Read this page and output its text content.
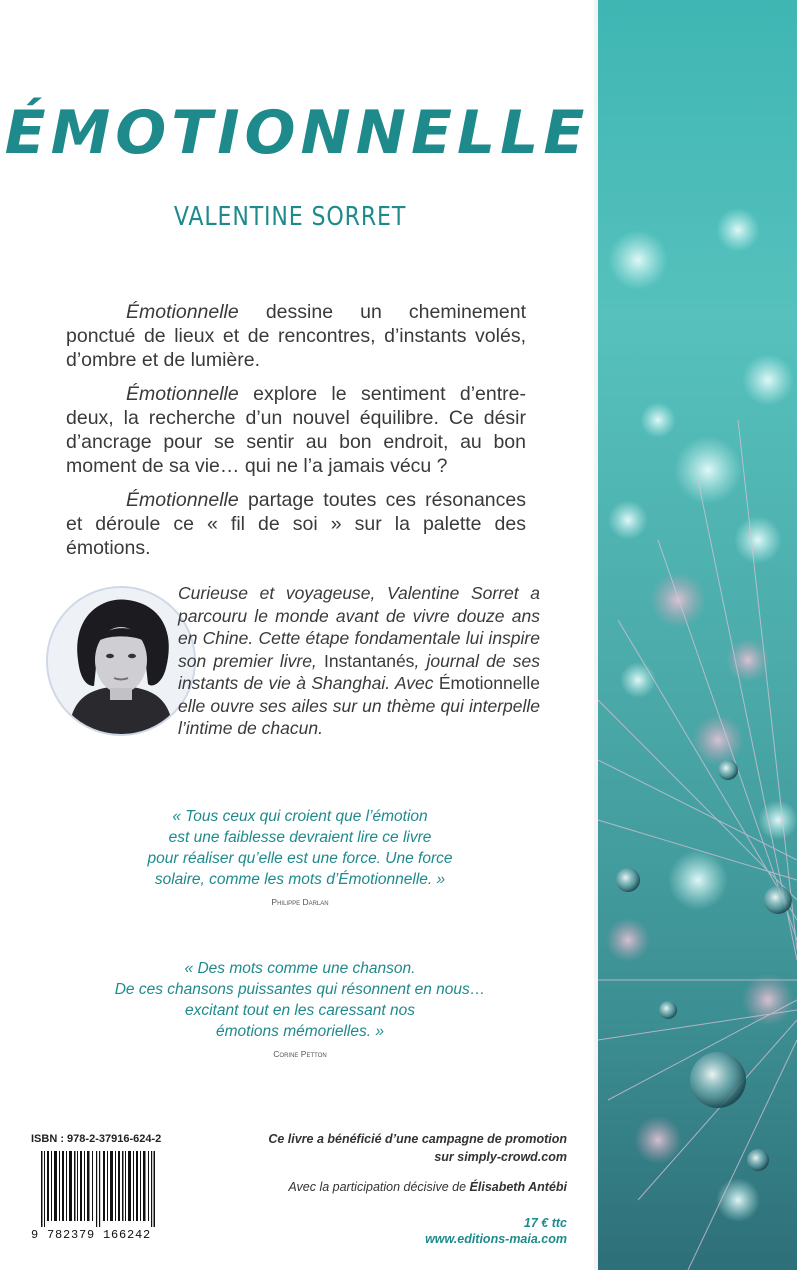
ÉMOTIONNELLE
VALENTINE SORRET

Émotionnelle dessine un cheminement ponctué de lieux et de rencontres, d’instants volés, d’ombre et de lumière.

Émotionnelle explore le sentiment d’entre-deux, la recherche d’un nouvel équilibre. Ce désir d’ancrage pour se sentir au bon endroit, au bon moment de sa vie… qui ne l’a jamais vécu ?

Émotionnelle partage toutes ces résonances et déroule ce « fil de soi » sur la palette des émotions.

Curieuse et voyageuse, Valentine Sorret a parcouru le monde avant de vivre douze ans en Chine. Cette étape fondamentale lui inspire son premier livre, Instantanés, journal de ses instants de vie à Shanghai. Avec Émotionnelle elle ouvre ses ailes sur un thème qui interpelle l’intime de chacun.
« Tous ceux qui croient que l’émotion
est une faiblesse devraient lire ce livre
pour réaliser qu’elle est une force. Une force
solaire, comme les mots d’Émotionnelle. »
Philippe Darlan
« Des mots comme une chanson.
De ces chansons puissantes qui résonnent en nous…
excitant tout en les caressant nos
émotions mémorielles. »
Corine Petton
ISBN : 978-2-37916-624-2
9 782379 166242
Ce livre a bénéficié d’une campagne de promotion
sur simply-crowd.com
Avec la participation décisive de Élisabeth Antébi
17 € ttc
www.editions-maia.com
